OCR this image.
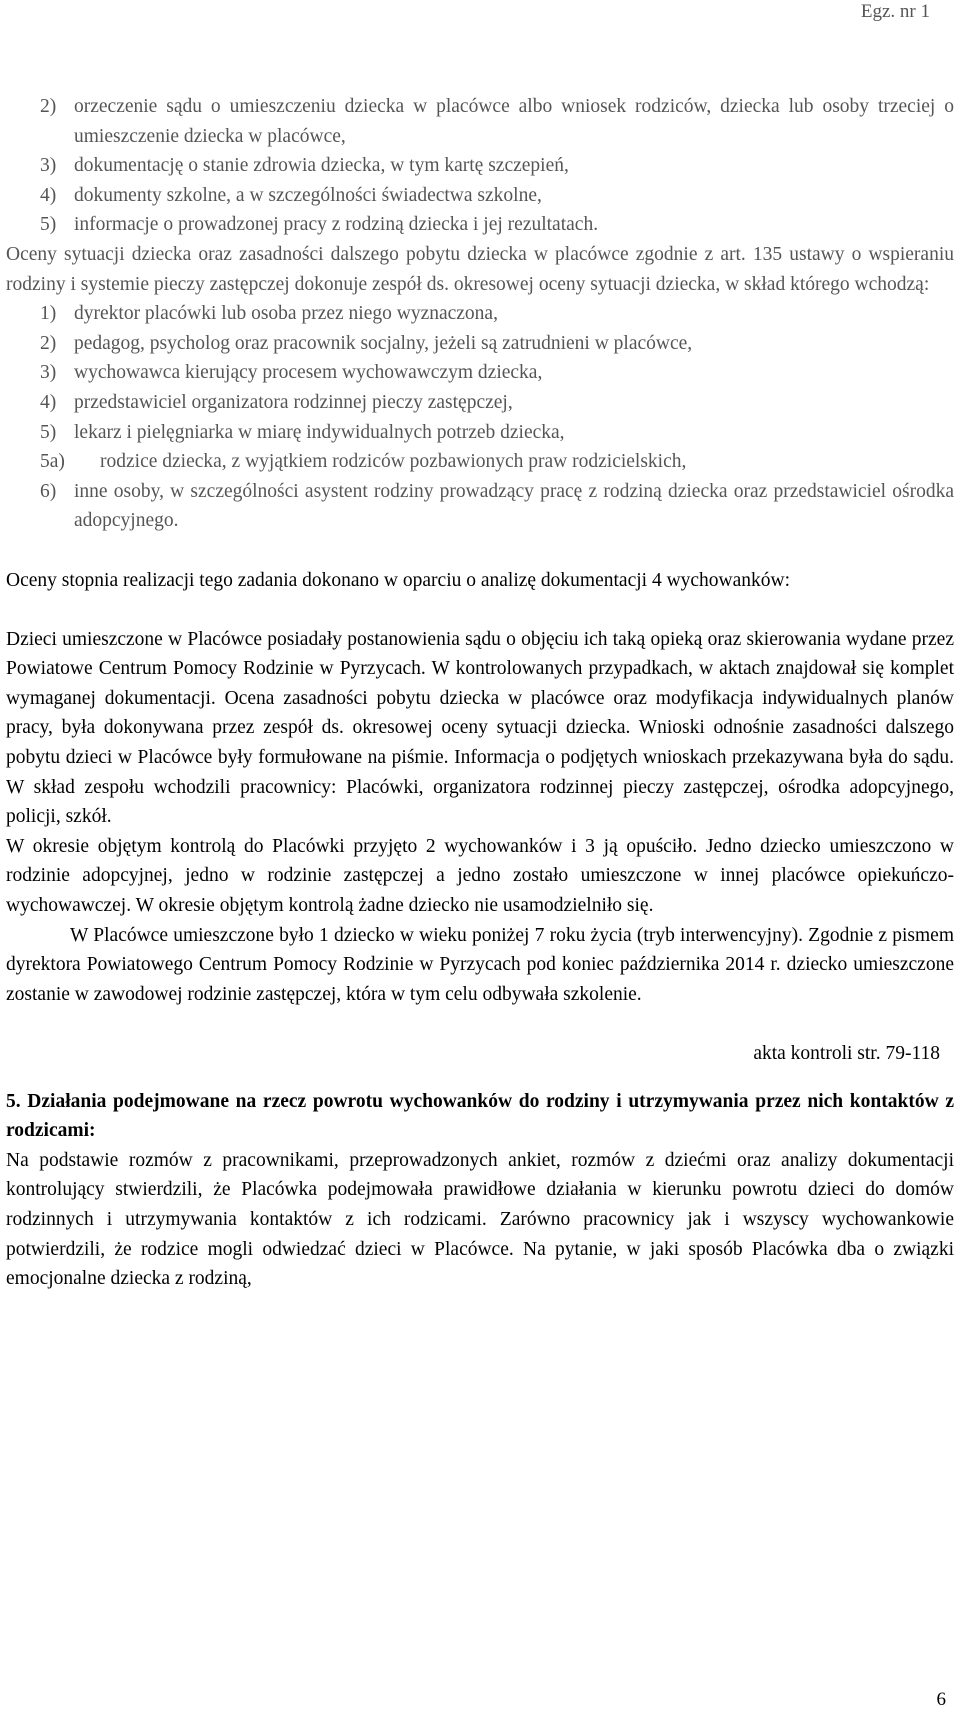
Egz. nr 1
2) orzeczenie sądu o umieszczeniu dziecka w placówce albo wniosek rodziców, dziecka lub osoby trzeciej o umieszczenie dziecka w placówce,
3) dokumentację o stanie zdrowia dziecka, w tym kartę szczepień,
4) dokumenty szkolne, a w szczególności świadectwa szkolne,
5) informacje o prowadzonej pracy z rodziną dziecka i jej rezultatach.

Oceny sytuacji dziecka oraz zasadności dalszego pobytu dziecka w placówce zgodnie z art. 135 ustawy o wspieraniu rodziny i systemie pieczy zastępczej dokonuje zespół ds. okresowej oceny sytuacji dziecka, w skład którego wchodzą:

1) dyrektor placówki lub osoba przez niego wyznaczona,
2) pedagog, psycholog oraz pracownik socjalny, jeżeli są zatrudnieni w placówce,
3) wychowawca kierujący procesem wychowawczym dziecka,
4) przedstawiciel organizatora rodzinnej pieczy zastępczej,
5) lekarz i pielęgniarka w miarę indywidualnych potrzeb dziecka,
5a)	rodzice dziecka, z wyjątkiem rodziców pozbawionych praw rodzicielskich,
6) inne osoby, w szczególności asystent rodziny prowadzący pracę z rodziną dziecka oraz przedstawiciel ośrodka adopcyjnego.

Oceny stopnia realizacji tego zadania dokonano w oparciu o analizę dokumentacji 4 wychowanków:

Dzieci umieszczone w Placówce posiadały postanowienia sądu o objęciu ich taką opieką oraz skierowania wydane przez Powiatowe Centrum Pomocy Rodzinie w Pyrzycach. W kontrolowanych przypadkach, w aktach znajdował się komplet wymaganej dokumentacji. Ocena zasadności pobytu dziecka w placówce oraz modyfikacja indywidualnych planów pracy, była dokonywana przez zespół ds. okresowej oceny sytuacji dziecka. Wnioski odnośnie zasadności dalszego pobytu dzieci w Placówce były formułowane na piśmie. Informacja o podjętych wnioskach przekazywana była do sądu. W skład zespołu wchodzili pracownicy: Placówki, organizatora rodzinnej pieczy zastępczej, ośrodka adopcyjnego, policji, szkół.

W okresie objętym kontrolą do Placówki przyjęto 2 wychowanków i 3 ją opuściło. Jedno dziecko umieszczono w rodzinie adopcyjnej, jedno w rodzinie zastępczej a jedno zostało umieszczone w innej placówce opiekuńczo-wychowawczej. W okresie objętym kontrolą żadne dziecko nie usamodzielniło się.

W Placówce umieszczone było 1 dziecko w wieku poniżej 7 roku życia (tryb interwencyjny). Zgodnie z pismem dyrektora Powiatowego Centrum Pomocy Rodzinie w Pyrzycach pod koniec października 2014 r. dziecko umieszczone zostanie w zawodowej rodzinie zastępczej, która w tym celu odbywała szkolenie.

akta kontroli str. 79-118

5. Działania podejmowane na rzecz powrotu wychowanków do rodziny i utrzymywania przez nich kontaktów z rodzicami:

Na podstawie rozmów z pracownikami, przeprowadzonych ankiet, rozmów z dziećmi oraz analizy dokumentacji kontrolujący stwierdzili, że Placówka podejmowała prawidłowe działania w kierunku powrotu dzieci do domów rodzinnych i utrzymywania kontaktów z ich rodzicami. Zarówno pracownicy jak i wszyscy wychowankowie potwierdzili, że rodzice mogli odwiedzać dzieci w Placówce. Na pytanie, w jaki sposób Placówka dba o związki emocjonalne dziecka z rodziną,

6
